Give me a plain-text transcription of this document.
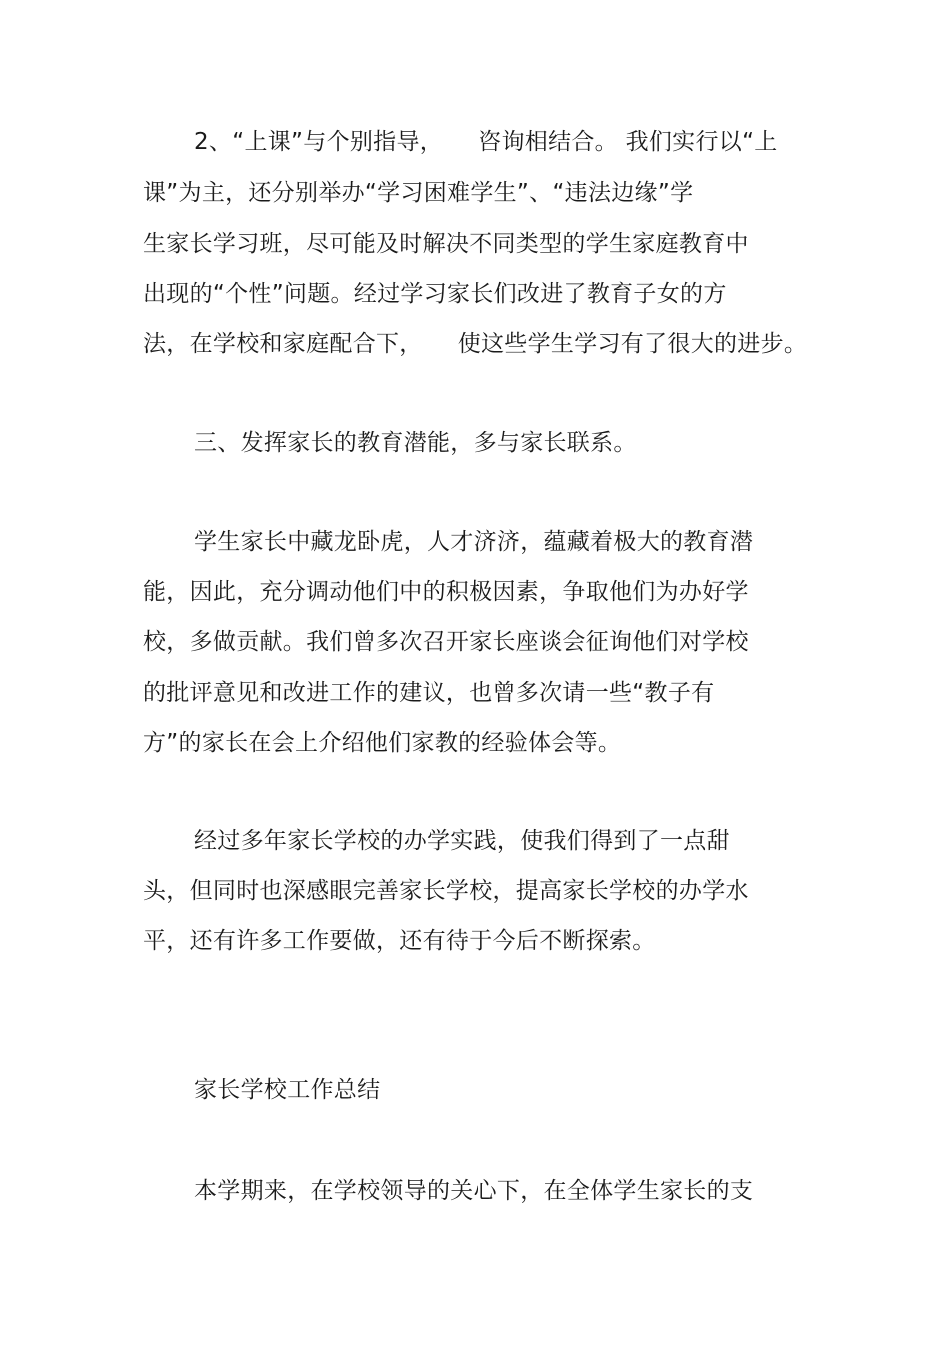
2、“上课”与个别指导，　　咨询相结合。 我们实行以“上
课”为主，还分别举办“学习困难学生”、“违法边缘”学
生家长学习班，尽可能及时解决不同类型的学生家庭教育中
出现的“个性”问题。经过学习家长们改进了教育子女的方
法，在学校和家庭配合下，　　使这些学生学习有了很大的进步。
三、发挥家长的教育潜能，多与家长联系。
学生家长中藏龙卧虎，人才济济，蕴藏着极大的教育潜
能，因此，充分调动他们中的积极因素，争取他们为办好学
校，多做贡献。我们曾多次召开家长座谈会征询他们对学校
的批评意见和改进工作的建议，也曾多次请一些“教子有
方”的家长在会上介绍他们家教的经验体会等。
经过多年家长学校的办学实践，使我们得到了一点甜
头，但同时也深感眼完善家长学校，提高家长学校的办学水
平，还有许多工作要做，还有待于今后不断探索。
家长学校工作总结
本学期来，在学校领导的关心下，在全体学生家长的支
